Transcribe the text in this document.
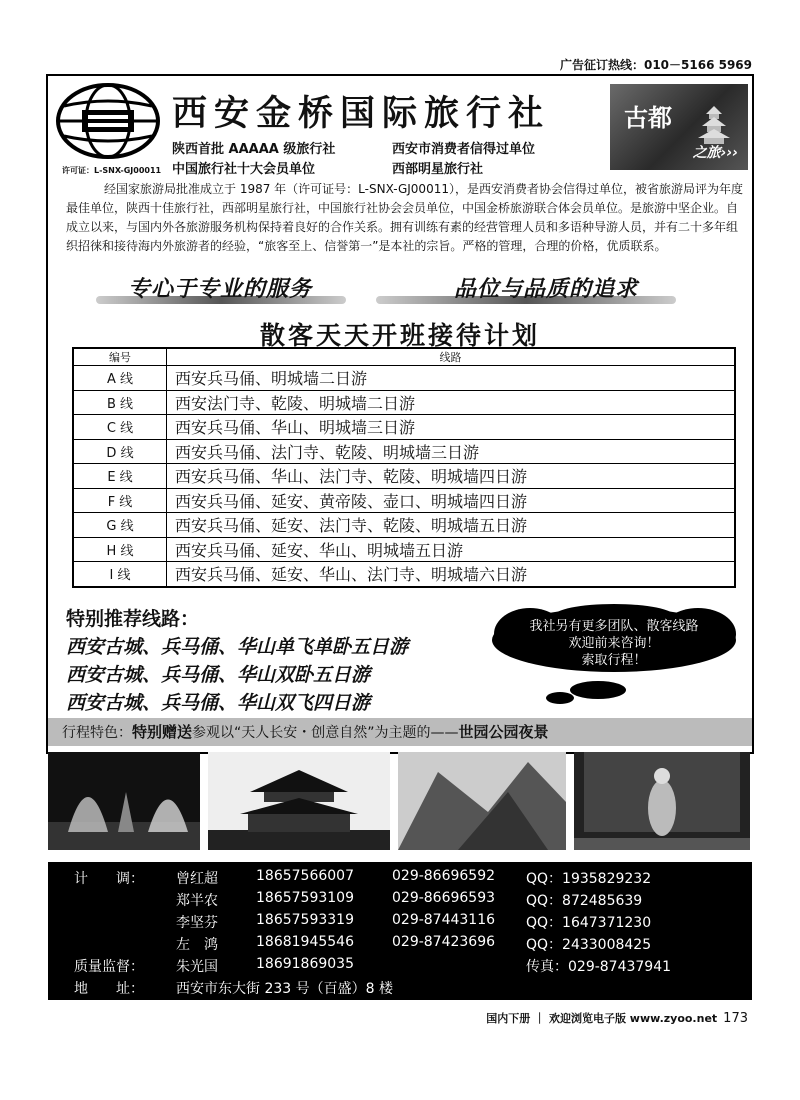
广告征订热线：010－5166 5969
西安金桥国际旅行社
陕西首批 AAAAA 级旅行社	西安市消费者信得过单位
中国旅行社十大会员单位	西部明星旅行社
许可证：L-SNX-GJ00011
古都
之旅›››
经国家旅游局批准成立于 1987 年（许可证号：L-SNX-GJ00011），是西安消费者协会信得过单位，被省旅游局评为年度最佳单位，陕西十佳旅行社，西部明星旅行社，中国旅行社协会会员单位，中国金桥旅游联合体会员单位。是旅游中坚企业。自成立以来，与国内外各旅游服务机构保持着良好的合作关系。拥有训练有素的经营管理人员和多语种导游人员，并有二十多年组织招徕和接待海内外旅游者的经验，“旅客至上、信誉第一”是本社的宗旨。严格的管理，合理的价格，优质联系。
专心于专业的服务	品位与品质的追求
散客天天开班接待计划
编号	线路
A 线	西安兵马俑、明城墙二日游
B 线	西安法门寺、乾陵、明城墙二日游
C 线	西安兵马俑、华山、明城墙三日游
D 线	西安兵马俑、法门寺、乾陵、明城墙三日游
E 线	西安兵马俑、华山、法门寺、乾陵、明城墙四日游
F 线	西安兵马俑、延安、黄帝陵、壶口、明城墙四日游
G 线	西安兵马俑、延安、法门寺、乾陵、明城墙五日游
H 线	西安兵马俑、延安、华山、明城墙五日游
I 线	西安兵马俑、延安、华山、法门寺、明城墙六日游
特别推荐线路：
西安古城、兵马俑、华山单飞单卧五日游
西安古城、兵马俑、华山双卧五日游
西安古城、兵马俑、华山双飞四日游
我社另有更多团队、散客线路
欢迎前来咨询！
索取行程！
行程特色：特别赠送参观以“天人长安・创意自然”为主题的——世园公园夜景
计　　调： 曾红超	18657566007	029-86696592 QQ：1935829232
郑半农	18657593109	029-86696593 QQ：872485639
李坚芬	18657593319	029-87443116 QQ：1647371230
左　鸿	18681945546	029-87423696 QQ：2433008425
质量监督： 朱光国	18691869035	传真：029-87437941
地　　址： 西安市东大街 233 号（百盛）8 楼
国内下册 ｜ 欢迎浏览电子版 www.zyoo.net 173
